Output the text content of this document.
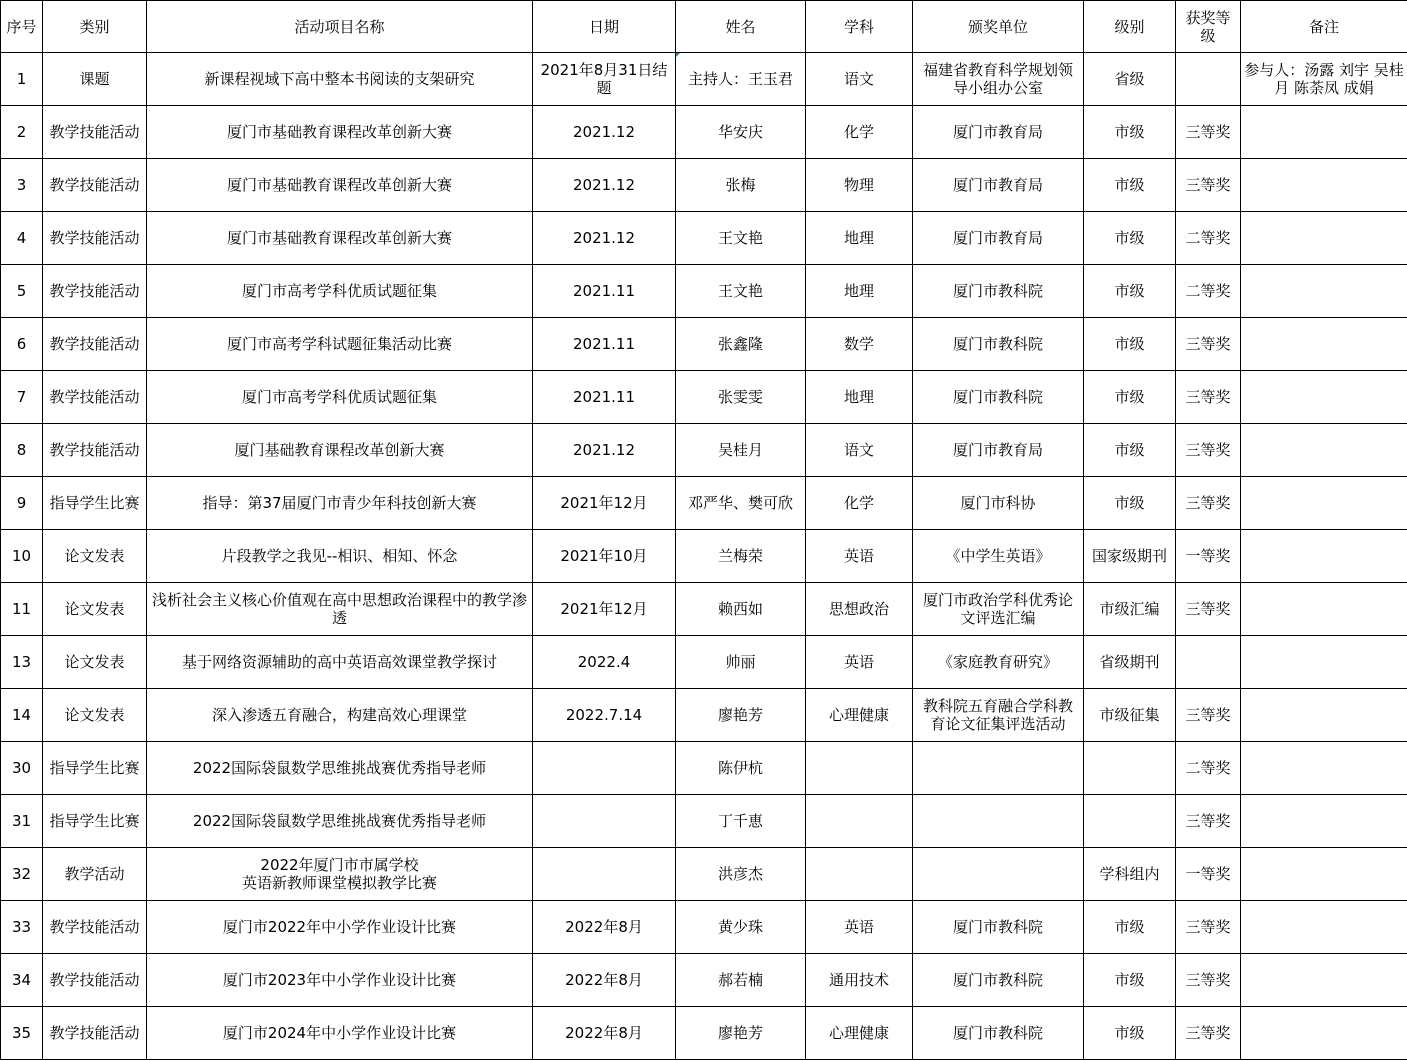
序号	类别	活动项目名称	日期	姓名	学科	颁奖单位	级别	获奖等级	备注

1	课题	新课程视域下高中整本书阅读的支架研究	2021年8月31日结题	主持人：王玉君	语文	福建省教育科学规划领导小组办公室	省级		参与人：汤露 刘宇 吴桂月 陈荼凤 成娟

2	教学技能活动	厦门市基础教育课程改革创新大赛	2021.12	华安庆	化学	厦门市教育局	市级	三等奖	

3	教学技能活动	厦门市基础教育课程改革创新大赛	2021.12	张梅	物理	厦门市教育局	市级	三等奖	

4	教学技能活动	厦门市基础教育课程改革创新大赛	2021.12	王文艳	地理	厦门市教育局	市级	二等奖	

5	教学技能活动	厦门市高考学科优质试题征集	2021.11	王文艳	地理	厦门市教科院	市级	二等奖	

6	教学技能活动	厦门市高考学科试题征集活动比赛	2021.11	张鑫隆	数学	厦门市教科院	市级	三等奖	

7	教学技能活动	厦门市高考学科优质试题征集	2021.11	张雯雯	地理	厦门市教科院	市级	三等奖	

8	教学技能活动	厦门基础教育课程改革创新大赛	2021.12	吴桂月	语文	厦门市教育局	市级	三等奖	

9	指导学生比赛	指导：第37届厦门市青少年科技创新大赛	2021年12月	邓严华、樊可欣	化学	厦门市科协	市级	三等奖	

10	论文发表	片段教学之我见--相识、相知、怀念	2021年10月	兰梅荣	英语	《中学生英语》	国家级期刊	一等奖	

11	论文发表	浅析社会主义核心价值观在高中思想政治课程中的教学渗透	2021年12月	赖西如	思想政治	厦门市政治学科优秀论文评选汇编	市级汇编	三等奖	

13	论文发表	基于网络资源辅助的高中英语高效课堂教学探讨	2022.4	帅丽	英语	《家庭教育研究》	省级期刊		

14	论文发表	深入渗透五育融合，构建高效心理课堂	2022.7.14	廖艳芳	心理健康	教科院五育融合学科教育论文征集评选活动	市级征集	三等奖	

30	指导学生比赛	2022国际袋鼠数学思维挑战赛优秀指导老师		陈伊杭				二等奖	

31	指导学生比赛	2022国际袋鼠数学思维挑战赛优秀指导老师		丁千恵				三等奖	

32	教学活动	2022年厦门市市属学校
英语新教师课堂模拟教学比赛		洪彦杰			学科组内	一等奖	

33	教学技能活动	厦门市2022年中小学作业设计比赛	2022年8月	黄少珠	英语	厦门市教科院	市级	三等奖	

34	教学技能活动	厦门市2023年中小学作业设计比赛	2022年8月	郝若楠	通用技术	厦门市教科院	市级	三等奖	

35	教学技能活动	厦门市2024年中小学作业设计比赛	2022年8月	廖艳芳	心理健康	厦门市教科院	市级	三等奖	
